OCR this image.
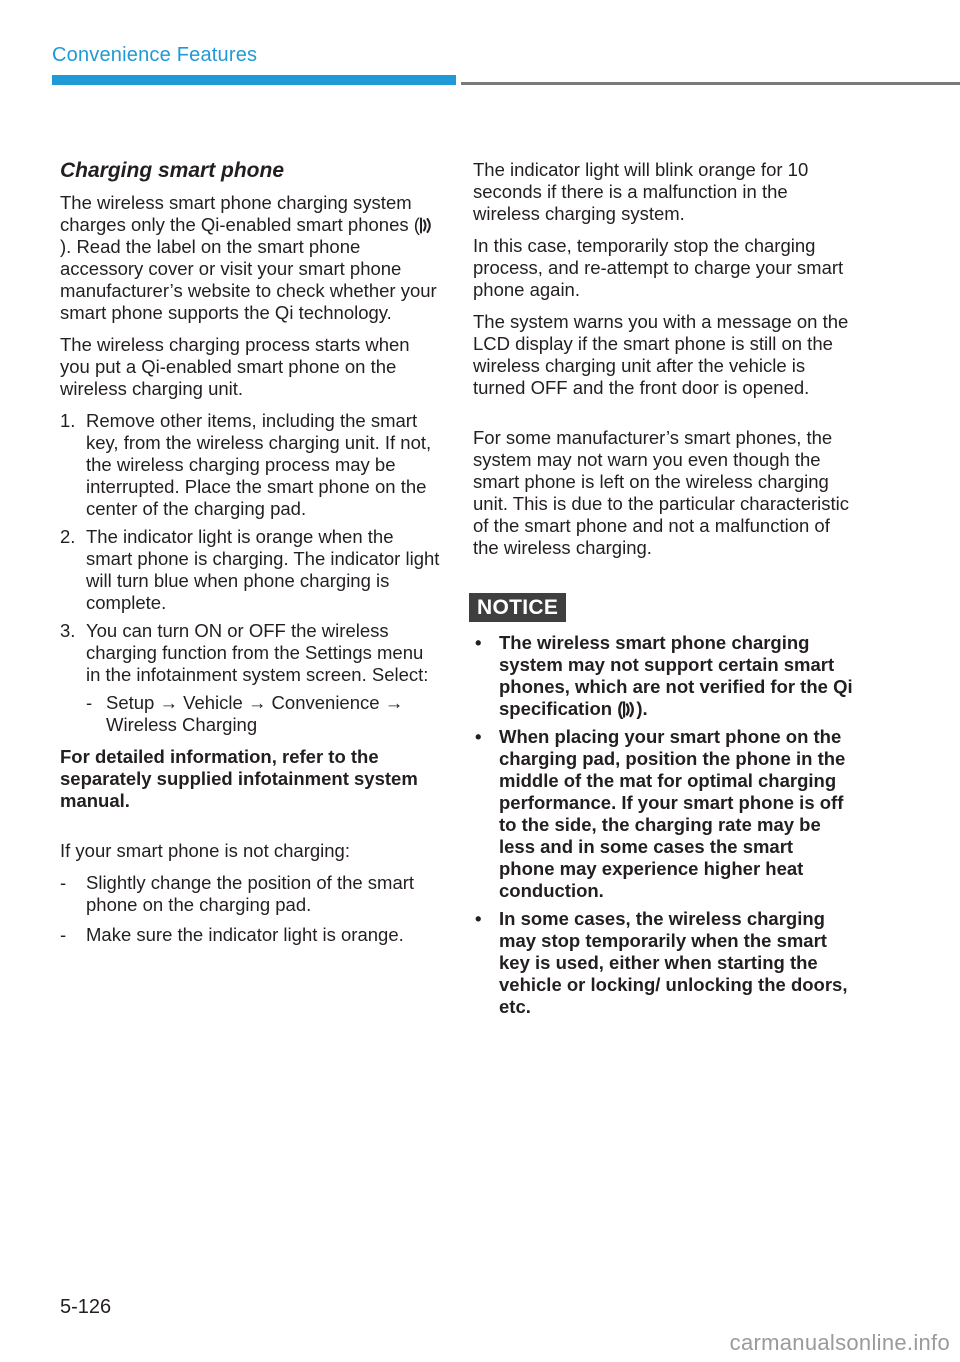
Convenience Features
Charging smart phone

The wireless smart phone charging system charges only the Qi-enabled smart phones (). Read the label on the smart phone accessory cover or visit your smart phone manufacturer’s website to check whether your smart phone supports the Qi technology.

The wireless charging process starts when you put a Qi-enabled smart phone on the wireless charging unit.

1. Remove other items, including the smart key, from the wireless charging unit. If not, the wireless charging process may be interrupted. Place the smart phone on the center of the charging pad.
2. The indicator light is orange when the smart phone is charging. The indicator light will turn blue when phone charging is complete.
3. You can turn ON or OFF the wireless charging function from the Settings menu in the infotainment system screen. Select:
- Setup → Vehicle → Convenience → Wireless Charging

For detailed information, refer to the separately supplied infotainment system manual.

If your smart phone is not charging:

- Slightly change the position of the smart phone on the charging pad.
- Make sure the indicator light is orange.

The indicator light will blink orange for 10 seconds if there is a malfunction in the wireless charging system.

In this case, temporarily stop the charging process, and re-attempt to charge your smart phone again.

The system warns you with a message on the LCD display if the smart phone is still on the wireless charging unit after the vehicle is turned OFF and the front door is opened.

For some manufacturer’s smart phones, the system may not warn you even though the smart phone is left on the wireless charging unit. This is due to the particular characteristic of the smart phone and not a malfunction of the wireless charging.

NOTICE
• The wireless smart phone charging system may not support certain smart phones, which are not verified for the Qi specification ( ).
• When placing your smart phone on the charging pad, position the phone in the middle of the mat for optimal charging performance. If your smart phone is off to the side, the charging rate may be less and in some cases the smart phone may experience higher heat conduction.
• In some cases, the wireless charging may stop temporarily when the smart key is used, either when starting the vehicle or locking/ unlocking the doors, etc.
5-126
carmanualsonline.info
